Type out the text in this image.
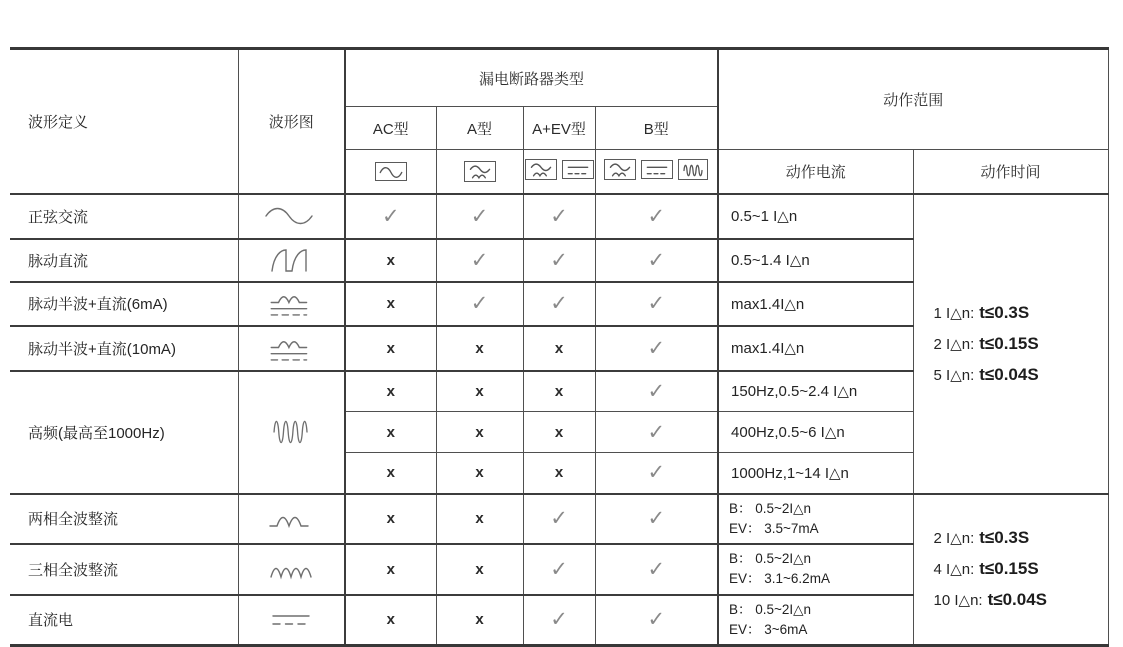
波形定义	波形图	漏电断路器类型				动作范围	
		AC型	A型	A+EV型	B型		

	动作电流	动作时间
正弦交流		✓	✓	✓	✓	0.5~1 I△n	1 I△n: t≤0.3S
2 I△n: t≤0.15S
5 I△n: t≤0.04S

脉动直流		x	✓	✓	✓	0.5~1.4 I△n	
脉动半波+直流(6mA)		x	✓	✓	✓	max1.4I△n	
脉动半波+直流(10mA)		x	x	x	✓	max1.4I△n	
高频(最高至1000Hz)		x	x	x	✓	150Hz,0.5~2.4 I△n	
		x	x	x	✓	400Hz,0.5~6 I△n	
		x	x	x	✓	1000Hz,1~14 I△n	
两相全波整流		x	x	✓	✓	B： 0.5~2I△n
EV： 3.5~7mA

2 I△n: t≤0.3S
4 I△n: t≤0.15S
10 I△n: t≤0.04S

三相全波整流		x	x	✓	✓	B： 0.5~2I△n
EV： 3.1~6.2mA	

直流电		x	x	✓	✓	B： 0.5~2I△n
EV： 3~6mA	
